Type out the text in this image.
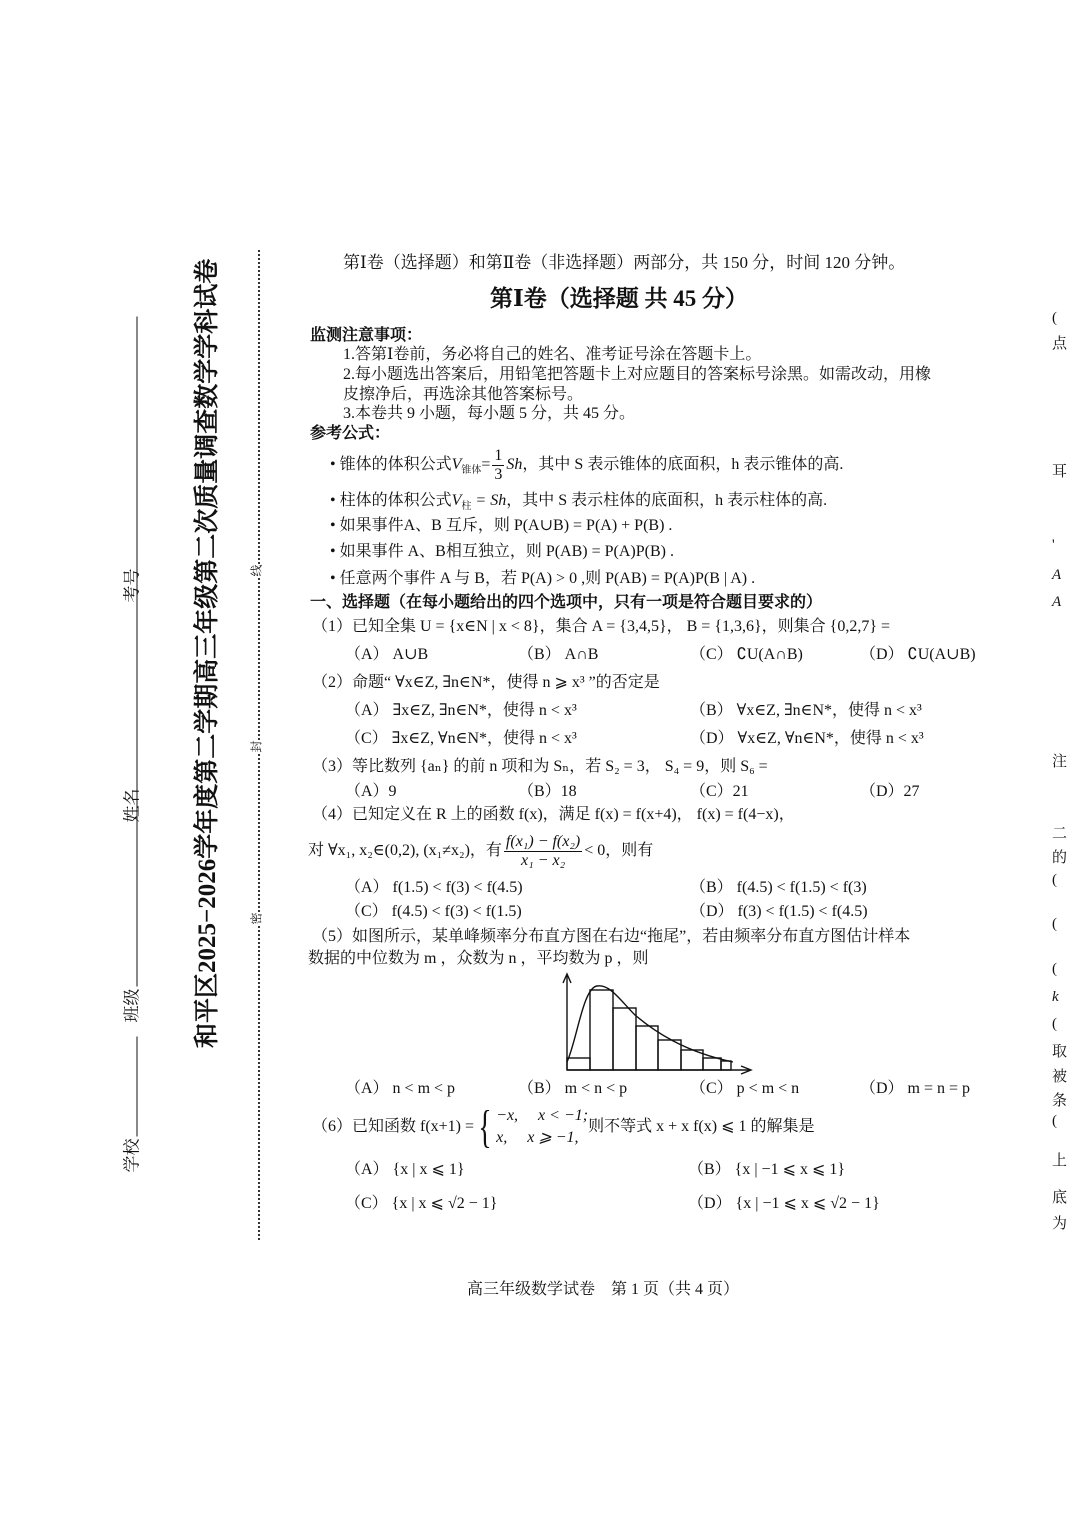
和平区2025−2026学年度第二学期高三年级第二次质量调查数学学科试卷
学校
班级
姓名
考号
密
封
线
第Ⅰ卷（选择题）和第Ⅱ卷（非选择题）两部分，共 150 分，时间 120 分钟。
第Ⅰ卷（选择题 共 45 分）
监测注意事项：
1.答第Ⅰ卷前，务必将自己的姓名、准考证号涂在答题卡上。
2.每小题选出答案后，用铅笔把答题卡上对应题目的答案标号涂黑。如需改动，用橡
皮擦净后，再选涂其他答案标号。
3.本卷共 9 小题，每小题 5 分，共 45 分。
参考公式：
• 锥体的体积公式$V_{锥体}= \frac{1}{3}$ Sh，其中 S 表示锥体的底面积，h 表示锥体的高.
• 柱体的体积公式$V_柱 = Sh$，其中 S 表示柱体的底面积，h 表示柱体的高.
• 如果事件A、B 互斥，则 P(A∪B) = P(A) + P(B) .
• 如果事件 A、B相互独立，则 P(AB) = P(A)P(B) .
• 任意两个事件 A 与 B，若 P(A) > 0 ,则 P(AB) = P(A)P(B | A) .
一、选择题（在每小题给出的四个选项中，只有一项是符合题目要求的）
（1）已知全集 U = {x∈N | x < 8}，集合 A = {3,4,5}， B = {1,3,6}，则集合 {0,2,7} =
（A） A∪B	（B） A∩B	（C） ∁U(A∩B)	（D） ∁U(A∪B)
（2）命题“ ∀x∈Z, ∃n∈N*，使得 n ⩾ x³ ”的否定是
（A） ∃x∈Z, ∃n∈N*，使得 n < x³	（B） ∀x∈Z, ∃n∈N*，使得 n < x³
（C） ∃x∈Z, ∀n∈N*，使得 n < x³	（D） ∀x∈Z, ∀n∈N*，使得 n < x³
（3）等比数列 {aₙ} 的前 n 项和为 Sₙ，若 S₂ = 3， S₄ = 9，则 S₆ =
（A）9	（B）18	（C）21	（D）27
（4）已知定义在 R 上的函数 f(x)，满足 f(x) = f(x+4)， f(x) = f(4−x)，
对 ∀x₁, x₂∈(0,2), (x₁≠x₂)，有 $\frac{\text{f(x₁) − f(x₂)}}{\text{x₁ − x₂}} < 0$，则有
（A） f(1.5) < f(3) < f(4.5)	（B） f(4.5) < f(1.5) < f(3)
（C） f(4.5) < f(3) < f(1.5)	（D） f(3) < f(1.5) < f(4.5)
（5）如图所示，某单峰频率分布直方图在右边“拖尾”，若由频率分布直方图估计样本
数据的中位数为 m ，众数为 n ，平均数为 p ，则
（A） n < m < p	（B） m < n < p	（C） p < m < n	（D） m = n = p
（6）已知函数 f(x+1) = { −x,　 x < −1;
x,　 x ⩾ −1,
则不等式 x + x f(x) ⩽ 1 的解集是
（A） {x | x ⩽ 1}	（B） {x | −1 ⩽ x ⩽ 1}
（C） {x | x ⩽ √2 − 1}	（D） {x | −1 ⩽ x ⩽ √2 − 1}
高三年级数学试卷　第 1 页（共 4 页）
(
点
耳
'
A
A
注
二
的
(
(
(
k
(
取
被
条
(
上
底
为
